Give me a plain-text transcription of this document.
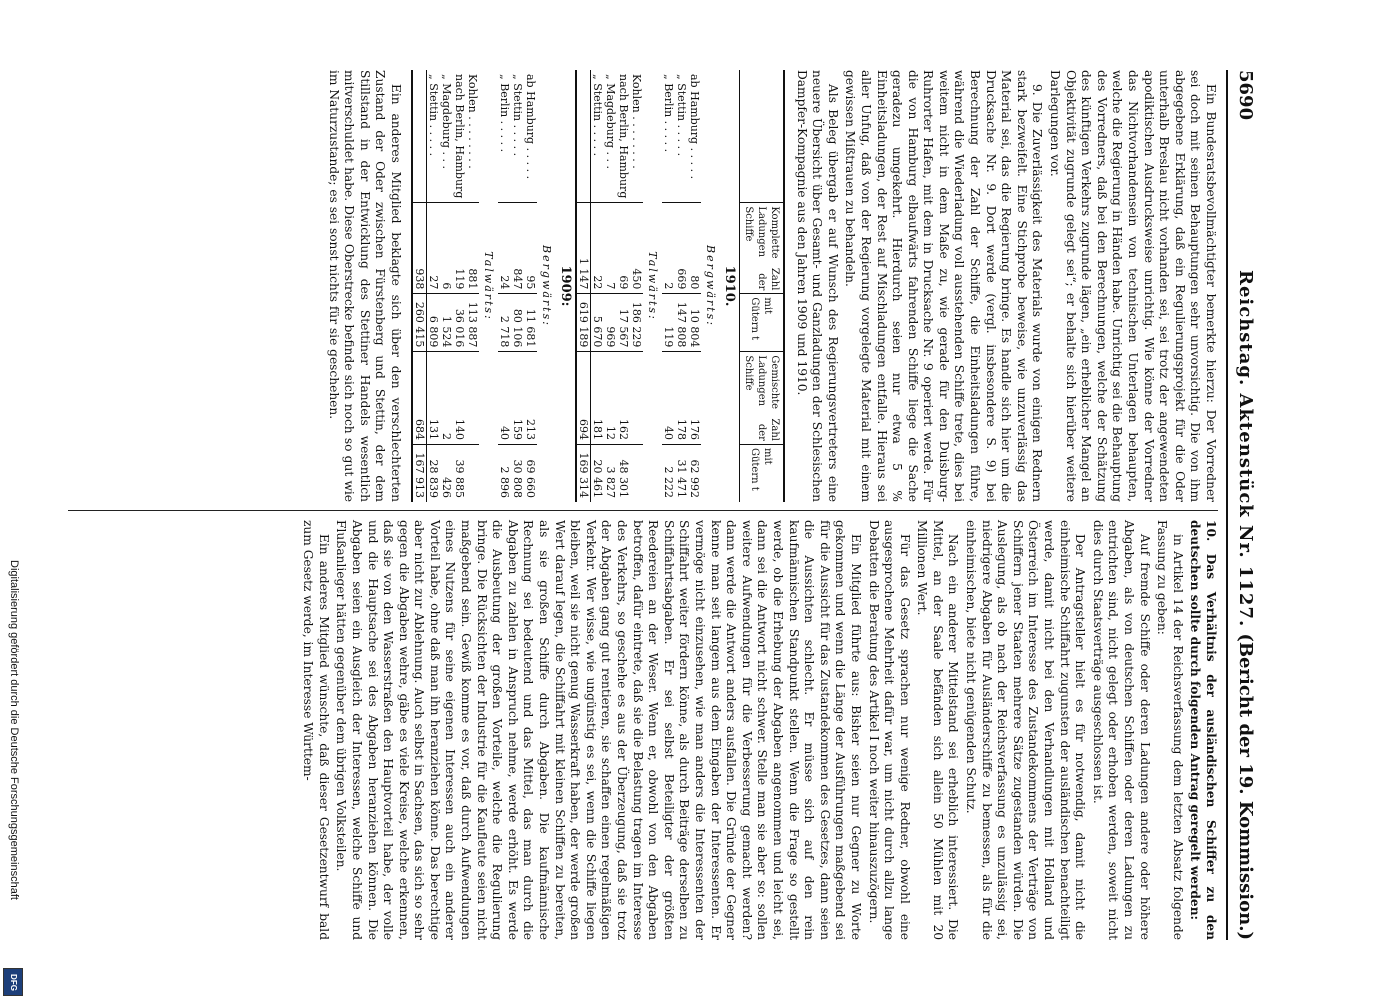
Digitalisierung gefördert durch die Deutsche Forschungsgemeinschaft
DFG
5690
Reichstag. Aktenstück Nr. 1127.
(Bericht der 19. Kommission.)

Ein Bundesratsbevollmächtigter bemerkte hierzu: Der Vorredner sei doch mit seinen Behauptungen sehr unvorsichtig. Die von ihm abgegebene Erklärung, daß ein Regulierungsprojekt für die Oder unterhalb Breslau nicht vorhanden sei, sei trotz der angewendeten apodiktischen Ausdrucksweise unrichtig. Wie könne der Vorredner das Nichtvorhandensein von technischen Unterlagen behaupten, welche die Regierung in Händen habe. Unrichtig sei die Behauptung des Vorredners, daß bei den Berechnungen, welche der Schätzung des künftigen Verkehrs zugrunde lägen, „ein erheblicher Mangel an Objektivität zugrunde gelegt sei“; er behalte sich hierüber weitere Darlegungen vor.

9. Die Zuverlässigkeit des Materials wurde von einigen Rednern stark bezweifelt. Eine Stichprobe beweise, wie unzuverlässig das Material sei, das die Regierung bringe. Es handle sich hier um die Drucksache Nr. 9. Dort werde (vergl. insbesondere S. 9) bei Berechnung der Zahl der Schiffe, die Einheitsladungen führe, während die Wiederladung voll ausstehenden Schiffe trete, dies bei weitem nicht in dem Maße zu, wie gerade für den Duisburg-Ruhrorter Hafen, mit dem in Drucksache Nr. 9 operiert werde. Für die von Hamburg elbaufwärts fahrenden Schiffe liege die Sache geradezu umgekehrt. Hierdurch seien nur etwa 5 % Einheitsladungen, der Rest auf Mischladungen entfalle. Hieraus sei aller Unfug, daß von der Regierung vorgelegte Material mit einem gewissen Mißtrauen zu behandeln.

Als Beleg übergab er auf Wunsch des Regierungsvertreters eine neuere Übersicht über Gesamt- und Ganzladungen der Schlesischen Dampfer-Kompagnie aus den Jahren 1909 und 1910.

	Komplette Zahl Ladungen der Schiffe	mit Gütern t	Gemischte Zahl Ladungen der Schiffe	mit Gütern t
1910.				
Bergwärts:				
ab Hamburg . . . . .	80	10 804	176	62 992
„ Stettin . . . . .	669	147 808	178	31 471
„ Berlin . . . . .	2	119	40	2 222
Talwärts:				
Kohlen . . . . . . . .	450	186 229		
nach Berlin, Hamburg	69	17 567	162	48 301
„ Magdeburg . . .	7	969	12	3 827
„ Stettin . . . . .	22	5 670	181	20 461
	1 147	619 189	694	169 314
1909:				
Bergwärts:				
ab Hamburg . . . . .	95	11 681	213	69 660
„ Stettin . . . . .	847	80 106	159	30 808
„ Berlin . . . . .	24	2 718	40	2 896
Talwärts:				
Kohlen . . . . . . . .	881	113 887		
nach Berlin, Hamburg	119	36 016	140	39 885
„ Magdeburg . . .	6	1 524	2	426
„ Stettin . . . . .	27	6 809	131	28 839
	938	260 415	684	167 913

Ein anderes Mitglied beklagte sich über den verschlechterten Zustand der Oder zwischen Fürstenberg und Stettin, der dem Stillstand in der Entwicklung des Stettiner Handels wesentlich mitverschuldet habe. Diese Oberstrecke befinde sich noch so gut wie im Naturzustande; es sei sonst nichts für sie geschehen.

10. Das Verhältnis der ausländischen Schiffer zu den deutschen sollte durch folgenden Antrag geregelt werden:

in Artikel 14 der Reichsverfassung dem letzten Absatz folgende Fassung zu geben:

Auf fremde Schiffe oder deren Ladungen andere oder höhere Abgaben, als von deutschen Schiffen oder deren Ladungen zu entrichten sind, nicht gelegt oder erhoben werden, soweit nicht dies durch Staatsverträge ausgeschlossen ist.

Der Antragsteller hielt es für notwendig, damit nicht die einheimische Schiffahrt zugunsten der ausländischen benachteiligt werde, damit nicht bei den Verhandlungen mit Holland und Österreich im Interesse des Zustandekommens der Verträge von Schiffern jener Staaten mehrere Sätze zugestanden würden. Die Auslegung, als ob nach der Reichsverfassung es unzulässig sei, niedrigere Abgaben für Ausländerschiffe zu bemessen, als für die einheimischen, biete nicht genügenden Schutz.

Nach ein anderer Mittelstand sei erheblich interessiert. Die Mittel, an der Saale befänden sich allein 50 Mühlen mit 20 Millionen Wert.

Für das Gesetz sprachen nur wenige Redner, obwohl eine ausgesprochene Mehrheit dafür war, um nicht durch allzu lange Debatten die Beratung des Artikel I noch weiter hinauszuzögern.

Ein Mitglied führte aus: Bisher seien nur Gegner zu Worte gekommen und wenn die Länge der Ausführungen maßgebend sei für die Aussicht für das Zustandekommen des Gesetzes, dann seien die Aussichten schlecht. Er müsse sich auf den rein kaufmännischen Standpunkt stellen. Wenn die Frage so gestellt werde, ob die Erhebung der Abgaben angenommen und leicht sei, dann sei die Antwort nicht schwer. Stelle man sie aber so: sollen weitere Aufwendungen für die Verbesserung gemacht werden? dann werde die Antwort anders ausfallen. Die Gründe der Gegner kenne man seit langem aus dem Eingaben der Interessenten. Er vermöge nicht einzusehen, wie man anders die Interessenten der Schiffahrt weiter fördern könne, als durch Beiträge derselben zu Schiffahrtsabgaben. Er sei selbst Beteiligter der größten Reedereien an der Weser. Wenn er, obwohl von den Abgaben betroffen, dafür eintrete, daß sie die Belastung tragen im Interesse des Verkehrs, so geschehe es aus der Überzeugung, daß sie trotz der Abgaben gang gut rentieren, sie schaffen einen regelmäßigen Verkehr. Wer wisse, wie ungünstig es sei, wenn die Schiffe liegen bleiben, weil sie nicht genug Wasserkraft haben, der werde großen Wert darauf legen, die Schiffahrt mit kleinen Schiffen zu bereiten, als sie großen Schiffe durch Abgaben. Die kaufmännische Rechnung sei bedeutend und das Mittel, das man durch die Abgaben zu zahlen in Anspruch nehme, werde erhöht. Es werde die Ausbeutung der großen Vorteile, welche die Regulierung bringe. Die Rücksichten der Industrie für die Kaufleute seien nicht maßgebend sein. Gewiß komme es vor, daß durch Aufwendungen eines Nutzens für seine eigenen Interessen auch ein anderer Vorteil habe, ohne daß man ihn heranziehen könne. Das berechtige aber nicht zur Ablehnung. Auch selbst in Sachsen, das sich so sehr gegen die Abgaben wehre, gäbe es viele Kreise, welche erkennen, daß sie von den Wasserstraßen den Hauptvorteil habe, der volle und die Hauptsache sei des Abgaben heranziehen können. Die Abgaben seien ein Ausgleich der Interessen, welche Schiffe und Flußanlieger hätten gegenüber dem übrigen Volksteilen.

Ein anderes Mitglied wünschte, daß dieser Gesetzentwurf bald zum Gesetz werde, im Interesse Württem-
